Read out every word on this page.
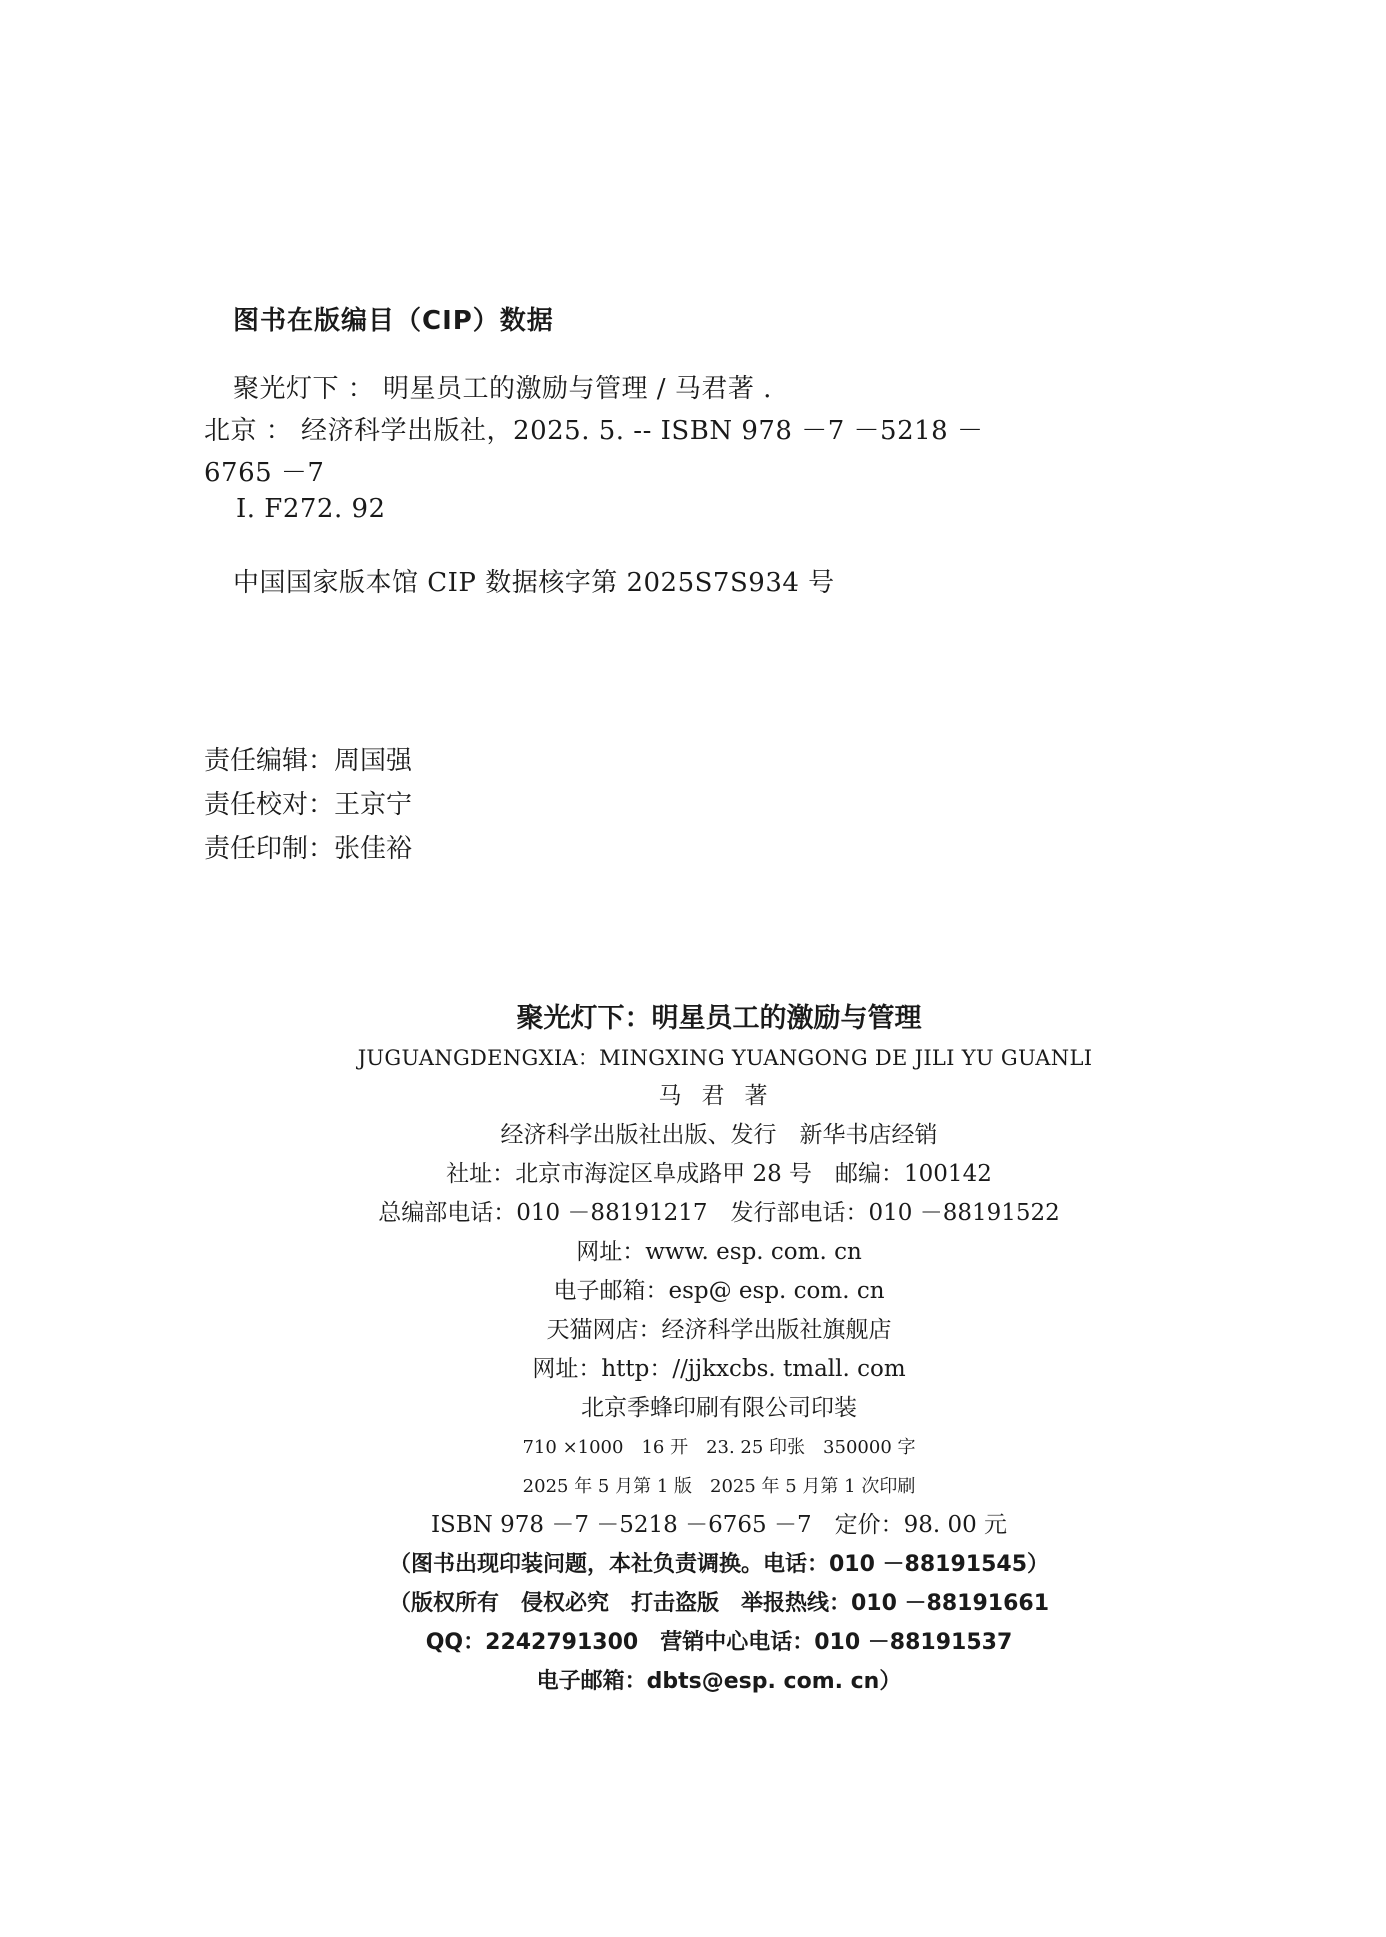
图书在版编目（CIP）数据
聚光灯下 ： 明星员工的激励与管理 / 马君著 .
北京 ： 经济科学出版社，2025. 5. -- ISBN 978 －7 －5218 －
6765 －7
Ⅰ. F272. 92
中国国家版本馆 CIP 数据核字第 2025S7S934 号
责任编辑：周国强
责任校对：王京宁
责任印制：张佳裕
聚光灯下：明星员工的激励与管理
JUGUANGDENGXIA：MINGXING YUANGONG DE JILI YU GUANLI
马君著
经济科学出版社出版、发行　新华书店经销
社址：北京市海淀区阜成路甲 28 号　邮编：100142
总编部电话：010 －88191217　发行部电话：010 －88191522
网址：www. esp. com. cn
电子邮箱：esp@ esp. com. cn
天猫网店：经济科学出版社旗舰店
网址：http：//jjkxcbs. tmall. com
北京季蜂印刷有限公司印装
710 ×1000　16 开　23. 25 印张　350000 字
2025 年 5 月第 1 版　2025 年 5 月第 1 次印刷
ISBN 978 －7 －5218 －6765 －7　定价：98. 00 元
（图书出现印装问题，本社负责调换。电话：010 －88191545）
（版权所有　侵权必究　打击盗版　举报热线：010 －88191661
QQ：2242791300　营销中心电话：010 －88191537
电子邮箱：dbts@esp. com. cn）
